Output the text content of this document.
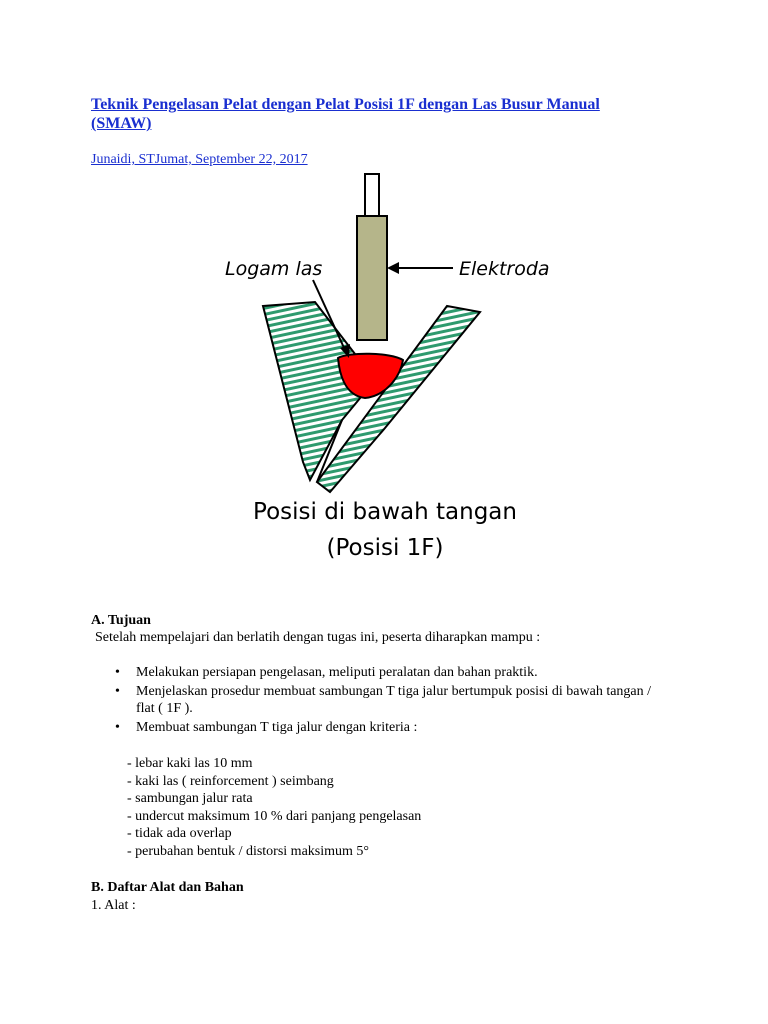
Teknik Pengelasan Pelat dengan Pelat Posisi 1F dengan Las Busur Manual (SMAW)
Junaidi, STJumat, September 22, 2017
Logam las	Elektroda
Posisi di bawah tangan
(Posisi 1F)
A. Tujuan

Setelah mempelajari dan berlatih dengan tugas ini, peserta diharapkan mampu :

• Melakukan persiapan pengelasan, meliputi peralatan dan bahan praktik.
• Menjelaskan prosedur membuat sambungan T tiga jalur bertumpuk posisi di bawah tangan / flat ( 1F ).
• Membuat sambungan T tiga jalur dengan kriteria :
- lebar kaki las 10 mm
- kaki las ( reinforcement ) seimbang
- sambungan jalur rata
- undercut maksimum 10 % dari panjang pengelasan
- tidak ada overlap
- perubahan bentuk / distorsi maksimum 5°
B. Daftar Alat dan Bahan

1. Alat :
